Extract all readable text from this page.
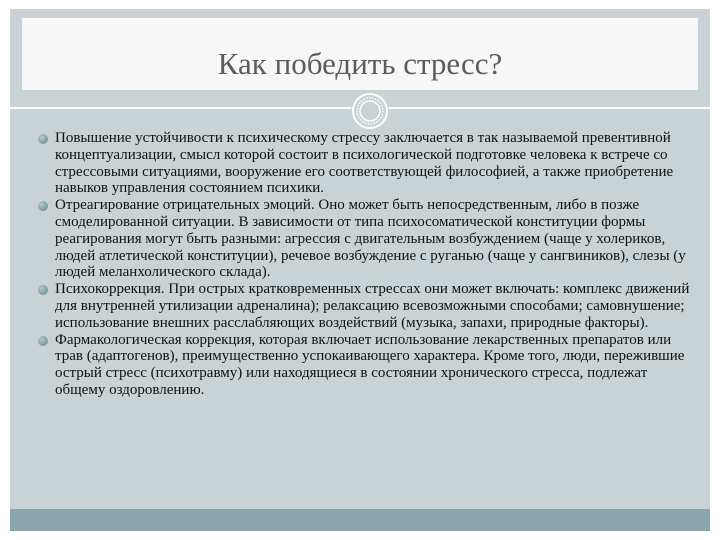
Как победить стресс?
Повышение устойчивости к психическому стрессу заключается в так называемой превентивной концептуализации, смысл которой состоит в психологической подготовке человека к встрече со стрессовыми ситуациями, вооружение его соответствующей философией, а также приобретение навыков управления состоянием психики.
Отреагирование отрицательных эмоций. Оно может быть непосредственным, либо в позже смоделированной ситуации. В зависимости от типа психосоматической конституции формы реагирования могут быть разными: агрессия с двигательным возбуждением (чаще у холериков, людей атлетической конституции), речевое возбуждение с руганью (чаще у сангвиников), слезы (у людей меланхолического склада).
Психокоррекция. При острых кратковременных стрессах они может включать: комплекс движений для внутренней утилизации адреналина); релаксацию всевозможными способами; самовнушение; использование внешних расслабляющих воздействий (музыка, запахи, природные факторы).
Фармакологическая коррекция, которая включает использование лекарственных препаратов или трав (адаптогенов), преимущественно успокаивающего характера. Кроме того, люди, пережившие острый стресс (психотравму) или находящиеся в состоянии хронического стресса, подлежат общему оздоровлению.
